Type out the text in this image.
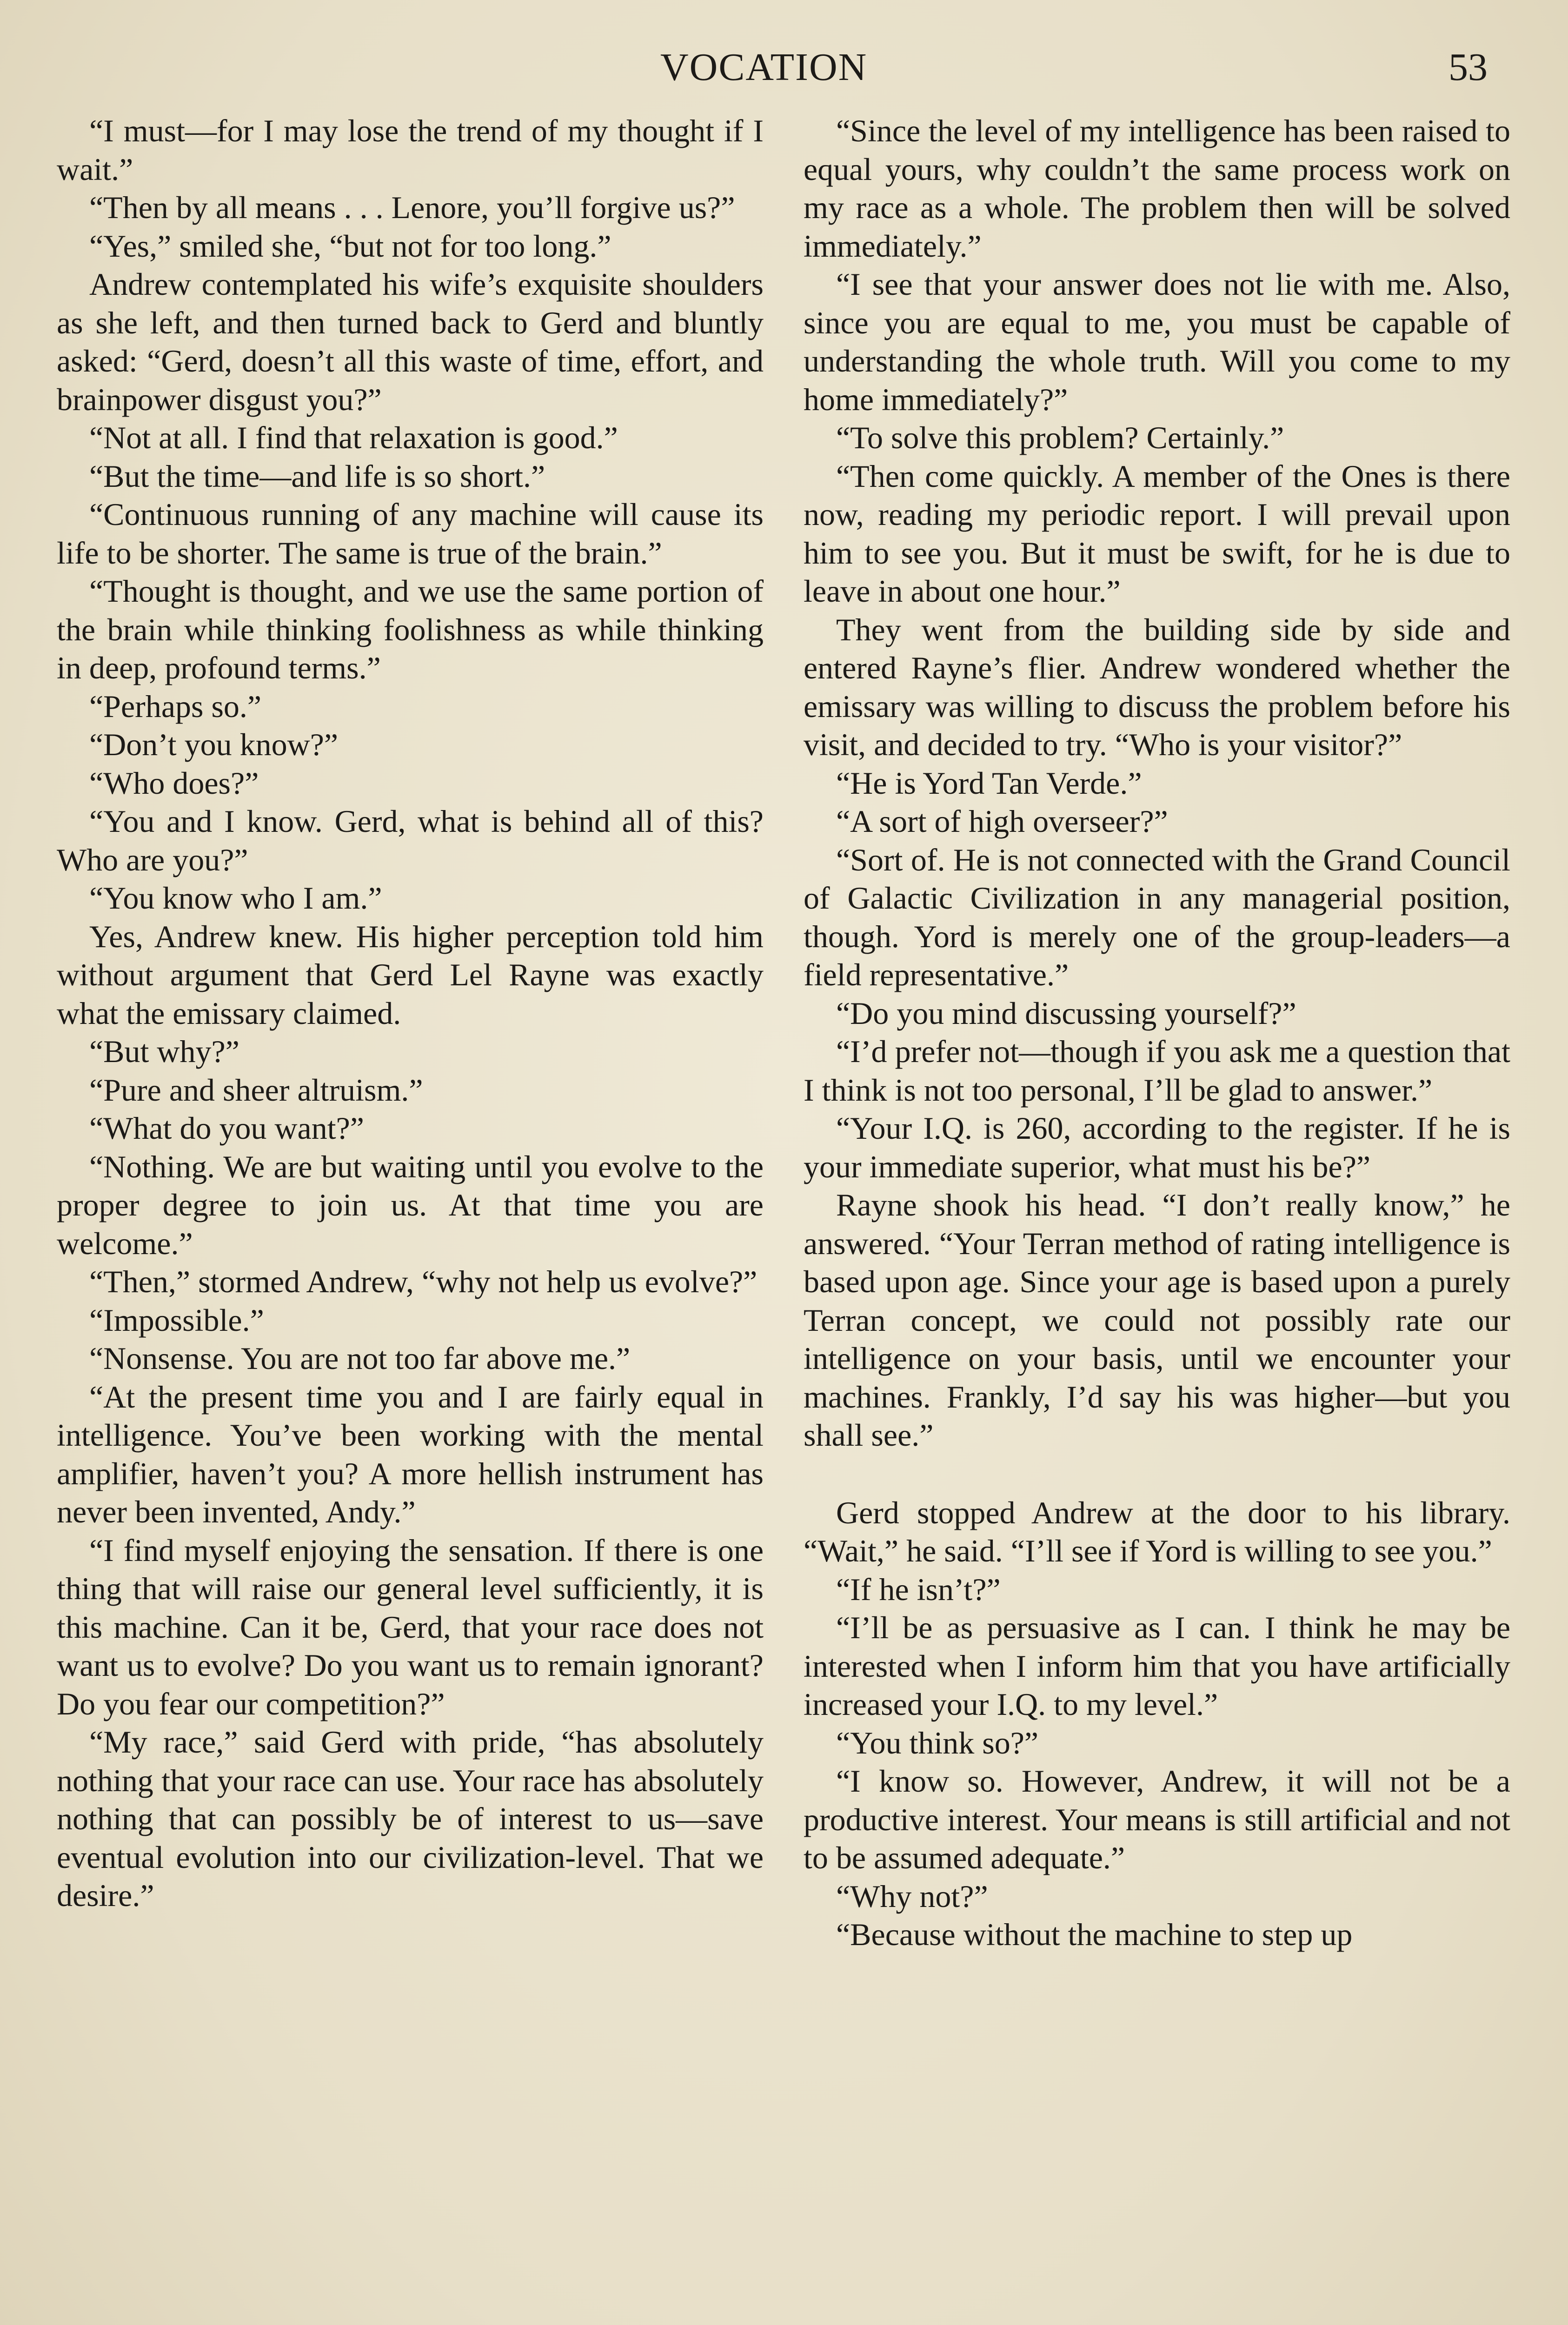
VOCATION	53

“I must—for I may lose the trend of my thought if I wait.”

“Then by all means . . . Lenore, you’ll forgive us?”

“Yes,” smiled she, “but not for too long.”

Andrew contemplated his wife’s exquisite shoulders as she left, and then turned back to Gerd and bluntly asked: “Gerd, doesn’t all this waste of time, effort, and brainpower disgust you?”

“Not at all. I find that relaxation is good.”

“But the time—and life is so short.”

“Continuous running of any machine will cause its life to be shorter. The same is true of the brain.”

“Thought is thought, and we use the same portion of the brain while thinking foolishness as while thinking in deep, profound terms.”

“Perhaps so.”

“Don’t you know?”

“Who does?”

“You and I know. Gerd, what is behind all of this? Who are you?”

“You know who I am.”

Yes, Andrew knew. His higher perception told him without argument that Gerd Lel Rayne was exactly what the emissary claimed.

“But why?”

“Pure and sheer altruism.”

“What do you want?”

“Nothing. We are but waiting until you evolve to the proper degree to join us. At that time you are welcome.”

“Then,” stormed Andrew, “why not help us evolve?”

“Impossible.”

“Nonsense. You are not too far above me.”

“At the present time you and I are fairly equal in intelligence. You’ve been working with the mental amplifier, haven’t you? A more hellish instrument has never been invented, Andy.”

“I find myself enjoying the sensation. If there is one thing that will raise our general level sufficiently, it is this machine. Can it be, Gerd, that your race does not want us to evolve? Do you want us to remain ignorant? Do you fear our competition?”

“My race,” said Gerd with pride, “has absolutely nothing that your race can use. Your race has absolutely nothing that can possibly be of interest to us—save eventual evolution into our civilization-level. That we desire.”

“Since the level of my intelligence has been raised to equal yours, why couldn’t the same process work on my race as a whole. The problem then will be solved immediately.”

“I see that your answer does not lie with me. Also, since you are equal to me, you must be capable of understanding the whole truth. Will you come to my home immediately?”

“To solve this problem? Certainly.”

“Then come quickly. A member of the Ones is there now, reading my periodic report. I will prevail upon him to see you. But it must be swift, for he is due to leave in about one hour.”

They went from the building side by side and entered Rayne’s flier. Andrew wondered whether the emissary was willing to discuss the problem before his visit, and decided to try. “Who is your visitor?”

“He is Yord Tan Verde.”

“A sort of high overseer?”

“Sort of. He is not connected with the Grand Council of Galactic Civilization in any managerial position, though. Yord is merely one of the group-leaders—a field representative.”

“Do you mind discussing yourself?”

“I’d prefer not—though if you ask me a question that I think is not too personal, I’ll be glad to answer.”

“Your I.Q. is 260, according to the register. If he is your immediate superior, what must his be?”

Rayne shook his head. “I don’t really know,” he answered. “Your Terran method of rating intelligence is based upon age. Since your age is based upon a purely Terran concept, we could not possibly rate our intelligence on your basis, until we encounter your machines. Frankly, I’d say his was higher—but you shall see.”

Gerd stopped Andrew at the door to his library. “Wait,” he said. “I’ll see if Yord is willing to see you.”

“If he isn’t?”

“I’ll be as persuasive as I can. I think he may be interested when I inform him that you have artificially increased your I.Q. to my level.”

“You think so?”

“I know so. However, Andrew, it will not be a productive interest. Your means is still artificial and not to be assumed adequate.”

“Why not?”

“Because without the machine to step up
